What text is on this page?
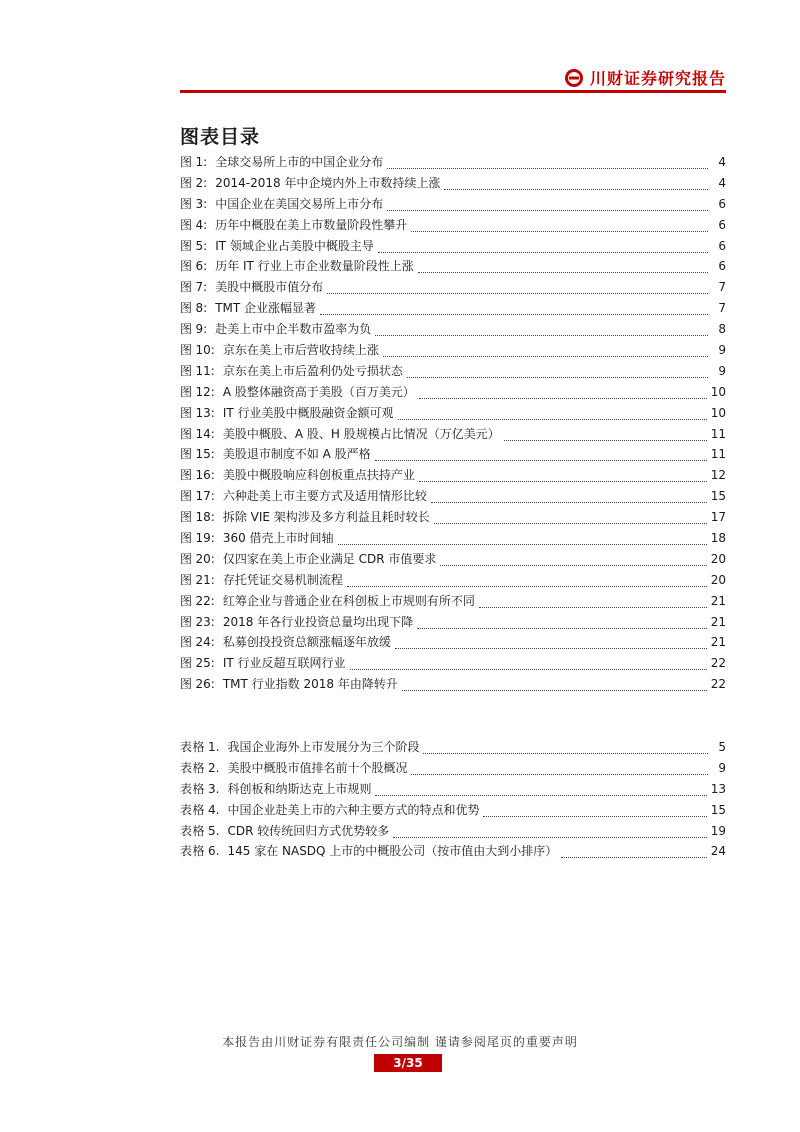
川财证券研究报告
图表目录
图 1: 全球交易所上市的中国企业分布	4
图 2: 2014-2018 年中企境内外上市数持续上涨	4
图 3: 中国企业在美国交易所上市分布	6
图 4: 历年中概股在美上市数量阶段性攀升	6
图 5: IT 领域企业占美股中概股主导	6
图 6: 历年 IT 行业上市企业数量阶段性上涨	6
图 7: 美股中概股市值分布	7
图 8: TMT 企业涨幅显著	7
图 9: 赴美上市中企半数市盈率为负	8
图 10: 京东在美上市后营收持续上涨	9
图 11: 京东在美上市后盈利仍处亏损状态	9
图 12: A 股整体融资高于美股（百万美元）	10
图 13: IT 行业美股中概股融资金额可观	10
图 14: 美股中概股、A 股、H 股规模占比情况（万亿美元）	11
图 15: 美股退市制度不如 A 股严格	11
图 16: 美股中概股响应科创板重点扶持产业	12
图 17: 六种赴美上市主要方式及适用情形比较	15
图 18: 拆除 VIE 架构涉及多方利益且耗时较长	17
图 19: 360 借壳上市时间轴	18
图 20: 仅四家在美上市企业满足 CDR 市值要求	20
图 21: 存托凭证交易机制流程	20
图 22: 红筹企业与普通企业在科创板上市规则有所不同	21
图 23: 2018 年各行业投资总量均出现下降	21
图 24: 私募创投投资总额涨幅逐年放缓	21
图 25: IT 行业反超互联网行业	22
图 26: TMT 行业指数 2018 年由降转升	22
表格 1. 我国企业海外上市发展分为三个阶段	5
表格 2. 美股中概股市值排名前十个股概况	9
表格 3. 科创板和纳斯达克上市规则	13
表格 4. 中国企业赴美上市的六种主要方式的特点和优势	15
表格 5. CDR 较传统回归方式优势较多	19
表格 6. 145 家在 NASDQ 上市的中概股公司（按市值由大到小排序）	24
本报告由川财证券有限责任公司编制 谨请参阅尾页的重要声明
3/35
